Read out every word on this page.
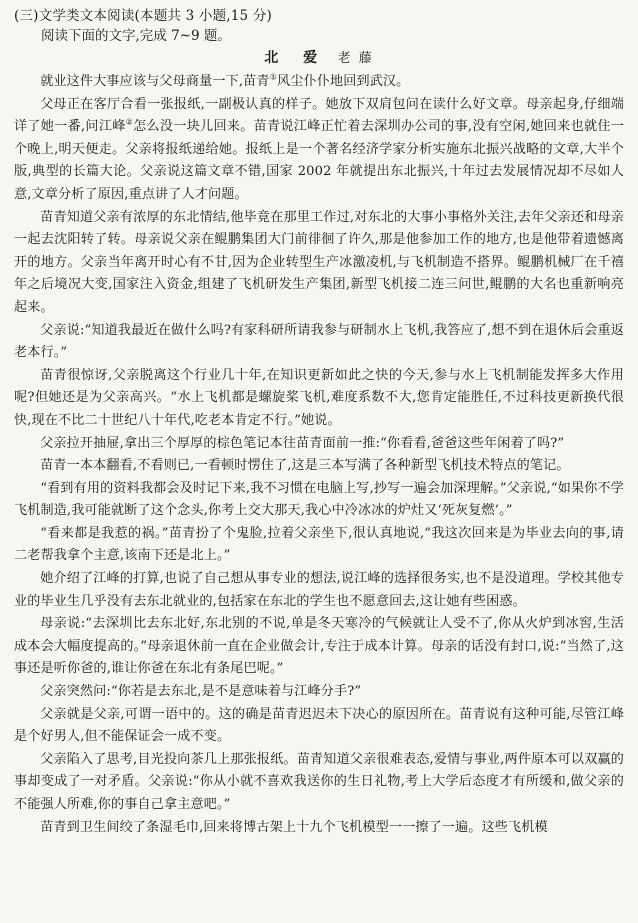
(三)文学类文本阅读(本题共 3 小题,15 分)
阅读下面的文字,完成 7~9 题。
北 爱 老 藤

就业这件大事应该与父母商量一下,苗青①风尘仆仆地回到武汉。

父母正在客厅合看一张报纸,一副极认真的样子。她放下双肩包问在读什么好文章。母亲起身,仔细端详了她一番,问江峰②怎么没一块儿回来。苗青说江峰正忙着去深圳办公司的事,没有空闲,她回来也就住一个晚上,明天便走。父亲将报纸递给她。报纸上是一个著名经济学家分析实施东北振兴战略的文章,大半个版,典型的长篇大论。父亲说这篇文章不错,国家 2002 年就提出东北振兴,十年过去发展情况却不尽如人意,文章分析了原因,重点讲了人才问题。

苗青知道父亲有浓厚的东北情结,他毕竟在那里工作过,对东北的大事小事格外关注,去年父亲还和母亲一起去沈阳转了转。母亲说父亲在鲲鹏集团大门前徘徊了许久,那是他参加工作的地方,也是他带着遗憾离开的地方。父亲当年离开时心有不甘,因为企业转型生产冰激凌机,与飞机制造不搭界。鲲鹏机械厂在千禧年之后境况大变,国家注入资金,组建了飞机研发生产集团,新型飞机接二连三问世,鲲鹏的大名也重新响亮起来。

父亲说:“知道我最近在做什么吗?有家科研所请我参与研制水上飞机,我答应了,想不到在退休后会重返老本行。”

苗青很惊讶,父亲脱离这个行业几十年,在知识更新如此之快的今天,参与水上飞机制能发挥多大作用呢?但她还是为父亲高兴。“水上飞机都是螺旋桨飞机,难度系数不大,您肯定能胜任,不过科技更新换代很快,现在不比二十世纪八十年代,吃老本肯定不行。”她说。

父亲拉开抽屉,拿出三个厚厚的棕色笔记本往苗青面前一推:“你看看,爸爸这些年闲着了吗?”

苗青一本本翻看,不看则已,一看顿时愣住了,这是三本写满了各种新型飞机技术特点的笔记。

“看到有用的资料我都会及时记下来,我不习惯在电脑上写,抄写一遍会加深理解。”父亲说,“如果你不学飞机制造,我可能就断了这个念头,你考上交大那天,我心中冷冰冰的炉灶又‘死灰复燃’。”

“看来都是我惹的祸。”苗青扮了个鬼脸,拉着父亲坐下,很认真地说,“我这次回来是为毕业去向的事,请二老帮我拿个主意,该南下还是北上。”

她介绍了江峰的打算,也说了自己想从事专业的想法,说江峰的选择很务实,也不是没道理。学校其他专业的毕业生几乎没有去东北就业的,包括家在东北的学生也不愿意回去,这让她有些困惑。

母亲说:“去深圳比去东北好,东北别的不说,单是冬天寒冷的气候就让人受不了,你从火炉到冰窖,生活成本会大幅度提高的。”母亲退休前一直在企业做会计,专注于成本计算。母亲的话没有封口,说:“当然了,这事还是听你爸的,谁让你爸在东北有条尾巴呢。”

父亲突然问:“你若是去东北,是不是意味着与江峰分手?”

父亲就是父亲,可谓一语中的。这的确是苗青迟迟未下决心的原因所在。苗青说有这种可能,尽管江峰是个好男人,但不能保证会一成不变。

父亲陷入了思考,目光投向茶几上那张报纸。苗青知道父亲很难表态,爱情与事业,两件原本可以双赢的事却变成了一对矛盾。父亲说:“你从小就不喜欢我送你的生日礼物,考上大学后态度才有所缓和,做父亲的不能强人所难,你的事自己拿主意吧。”

苗青到卫生间绞了条湿毛巾,回来将博古架上十九个飞机模型一一擦了一遍。这些飞机模
